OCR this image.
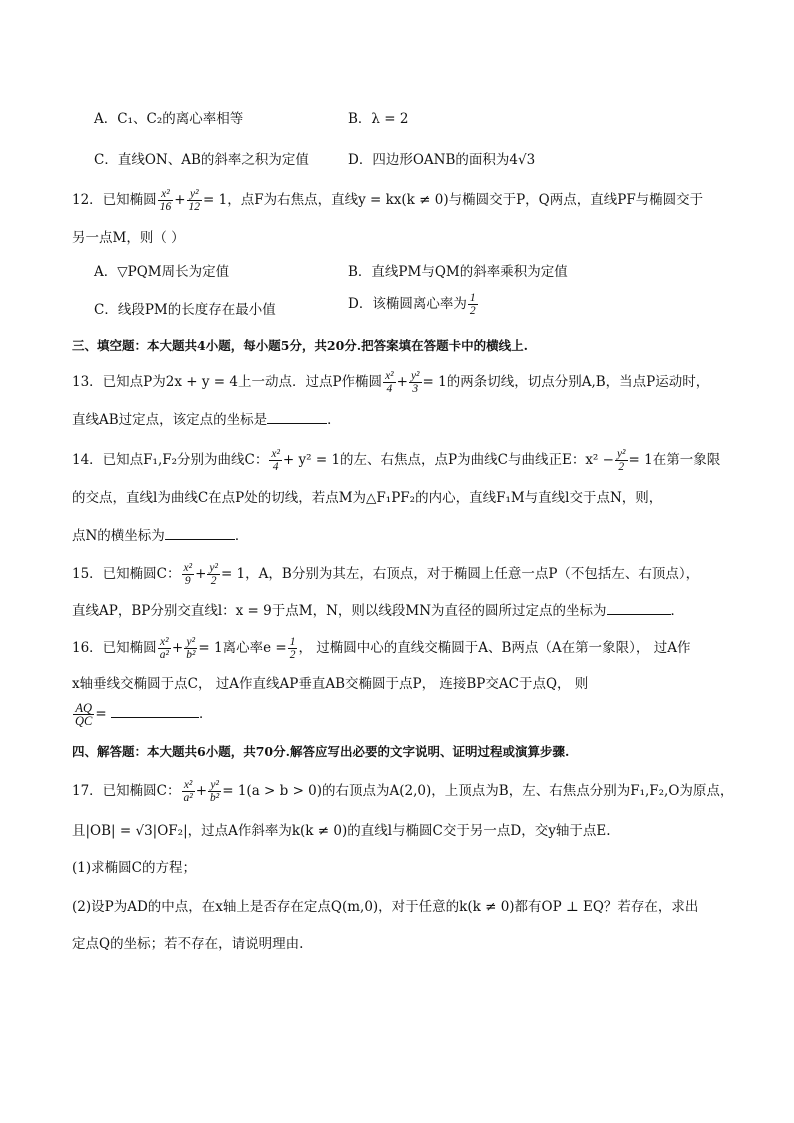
A．C₁、C₂的离心率相等	B．λ = 2
C．直线ON、AB的斜率之积为定值	D．四边形OANB的面积为4√3
12．已知椭圆 $\frac{\text{x²}}{16} + \frac{\text{y²}}{12} = 1$，点F为右焦点，直线y = kx(k ≠ 0)与椭圆交于P，Q两点，直线PF与椭圆交于
另一点M，则（ ）
A．▽PQM周长为定值	B．直线PM与QM的斜率乘积为定值
C．线段PM的长度存在最小值	D．该椭圆离心率为 $\frac{1}{2}$
三、填空题：本大题共4小题，每小题5分，共20分.把答案填在答题卡中的横线上.
13．已知点P为2x + y = 4上一动点．过点P作椭圆 $\frac{\text{x²}}{4} + \frac{\text{y²}}{3} = 1$的两条切线，切点分别A,B，当点P运动时，
直线AB过定点，该定点的坐标是	．
14．已知点F₁,F₂分别为曲线C： $\frac{\text{x²}}{4} + y^2 = 1$的左、右焦点，点P为曲线C与曲线正E：$x^2 - \frac{\text{y²}}{2} = 1$在第一象限
的交点，直线l为曲线C在点P处的切线，若点M为△F₁PF₂的内心，直线F₁M与直线l交于点N，则，
点N的横坐标为	．
15．已知椭圆C： $\frac{\text{x²}}{9} + \frac{\text{y²}}{2} = 1$，A，B分别为其左，右顶点，对于椭圆上任意一点P（不包括左、右顶点），
直线AP，BP分别交直线l：x = 9于点M，N，则以线段MN为直径的圆所过定点的坐标为	．
16．已知椭圆 $\frac{\text{x²}}{\text{a²}} + \frac{\text{y²}}{\text{b²}} = 1$离心率$e = \frac{1}{2}$ ， 过椭圆中心的直线交椭圆于A、B两点（A在第一象限）， 过A作
x轴垂线交椭圆于点C， 过A作直线AP垂直AB交椭圆于点P， 连接BP交AC于点Q， 则
$\frac{AQ}{QC}$ =	．
四、解答题：本大题共6小题，共70分.解答应写出必要的文字说明、证明过程或演算步骤.
17．已知椭圆C： $\frac{\text{x²}}{\text{a²}} + \frac{\text{y²}}{\text{b²}} = 1(a > b > 0)$的右顶点为A(2,0)，上顶点为B，左、右焦点分别为F₁,F₂,O为原点，
且|OB| = √3|OF₂|，过点A作斜率为k(k ≠ 0)的直线l与椭圆C交于另一点D，交y轴于点E.
(1)求椭圆C的方程；
(2)设P为AD的中点，在x轴上是否存在定点Q(m,0)，对于任意的k(k ≠ 0)都有OP ⊥ EQ？若存在，求出
定点Q的坐标；若不存在，请说明理由.
